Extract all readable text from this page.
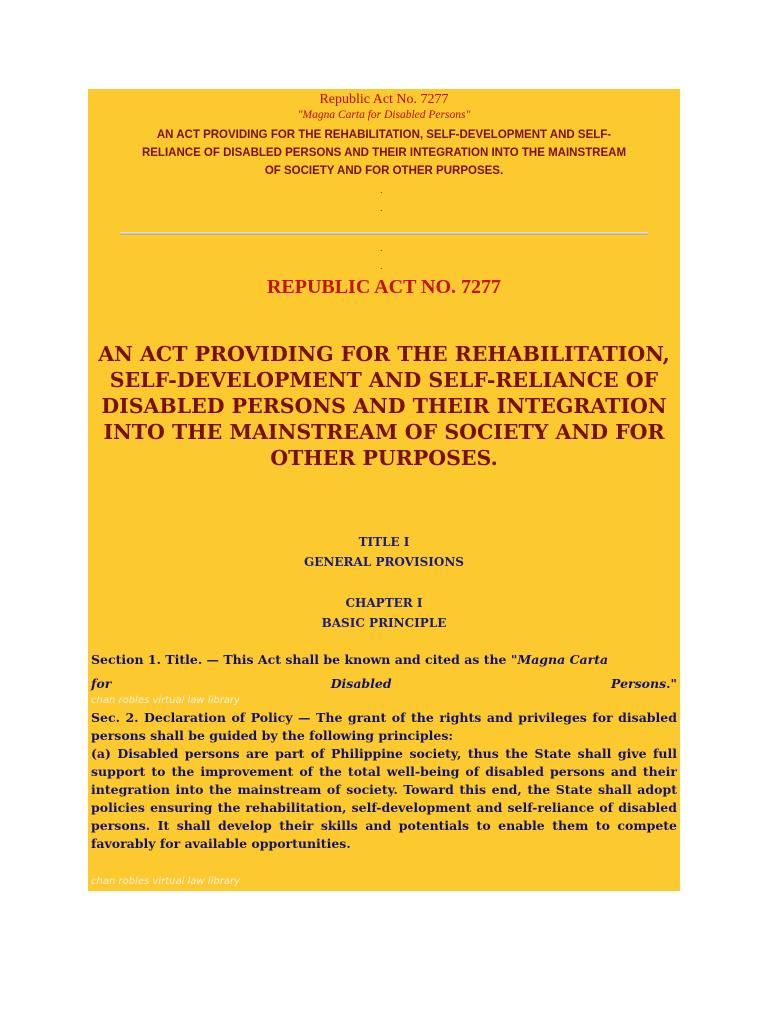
Republic Act No. 7277
"Magna Carta for Disabled Persons"
AN ACT PROVIDING FOR THE REHABILITATION, SELF-DEVELOPMENT AND SELF-
RELIANCE OF DISABLED PERSONS AND THEIR INTEGRATION INTO THE MAINSTREAM
OF SOCIETY AND FOR OTHER PURPOSES.
.
.
.
.
.
REPUBLIC ACT NO. 7277
AN ACT PROVIDING FOR THE REHABILITATION,
SELF-DEVELOPMENT AND SELF-RELIANCE OF
DISABLED PERSONS AND THEIR INTEGRATION
INTO THE MAINSTREAM OF SOCIETY AND FOR
OTHER PURPOSES.
TITLE I
GENERAL PROVISIONS
CHAPTER I
BASIC PRINCIPLE
Section 1. Title. — This Act shall be known and cited as the "Magna Carta
for	Disabled	Persons."
chan robles virtual law library
Sec. 2. Declaration of Policy — The grant of the rights and privileges for disabled persons shall be guided by the following principles:
(a) Disabled persons are part of Philippine society, thus the State shall give full support to the improvement of the total well-being of disabled persons and their integration into the mainstream of society. Toward this end, the State shall adopt policies ensuring the rehabilitation, self-development and self-reliance of disabled persons. It shall develop their skills and potentials to enable them to compete favorably for available opportunities.
chan robles virtual law library
